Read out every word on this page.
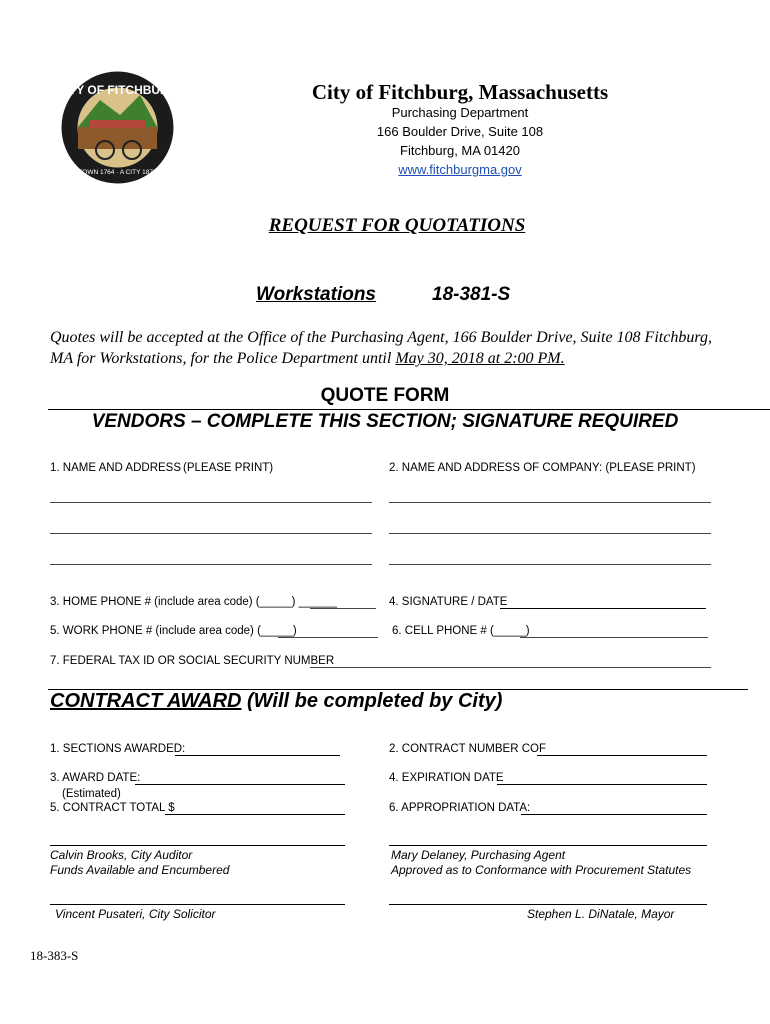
CITY OF FITCHBURG
TOWN 1764 · A CITY 1872
City of Fitchburg, Massachusetts
Purchasing Department
166 Boulder Drive, Suite 108
Fitchburg, MA 01420
www.fitchburgma.gov
REQUEST FOR QUOTATIONS
Workstations	18-381-S
Quotes will be accepted at the Office of the Purchasing Agent, 166 Boulder Drive, Suite 108 Fitchburg, MA for Workstations, for the Police Department until May 30, 2018 at 2:00 PM.
QUOTE FORM
VENDORS – COMPLETE THIS SECTION; SIGNATURE REQUIRED
1. NAME AND ADDRESS (PLEASE PRINT)	2. NAME AND ADDRESS OF COMPANY: (PLEASE PRINT)
3. HOME PHONE # (include area code) (_____) ______	4. SIGNATURE / DATE
5. WORK PHONE # (include area code) (_____)	6. CELL PHONE # (_____)
7. FEDERAL TAX ID OR SOCIAL SECURITY NUMBER
CONTRACT AWARD (Will be completed by City)
1. SECTIONS AWARDED:	2. CONTRACT NUMBER COF
3. AWARD DATE:	4. EXPIRATION DATE
(Estimated)
5. CONTRACT TOTAL $	6. APPROPRIATION DATA:
Calvin Brooks, City Auditor
Funds Available and Encumbered
Mary Delaney, Purchasing Agent
Approved as to Conformance with Procurement Statutes
Vincent Pusateri, City Solicitor	Stephen L. DiNatale, Mayor
18-383-S
